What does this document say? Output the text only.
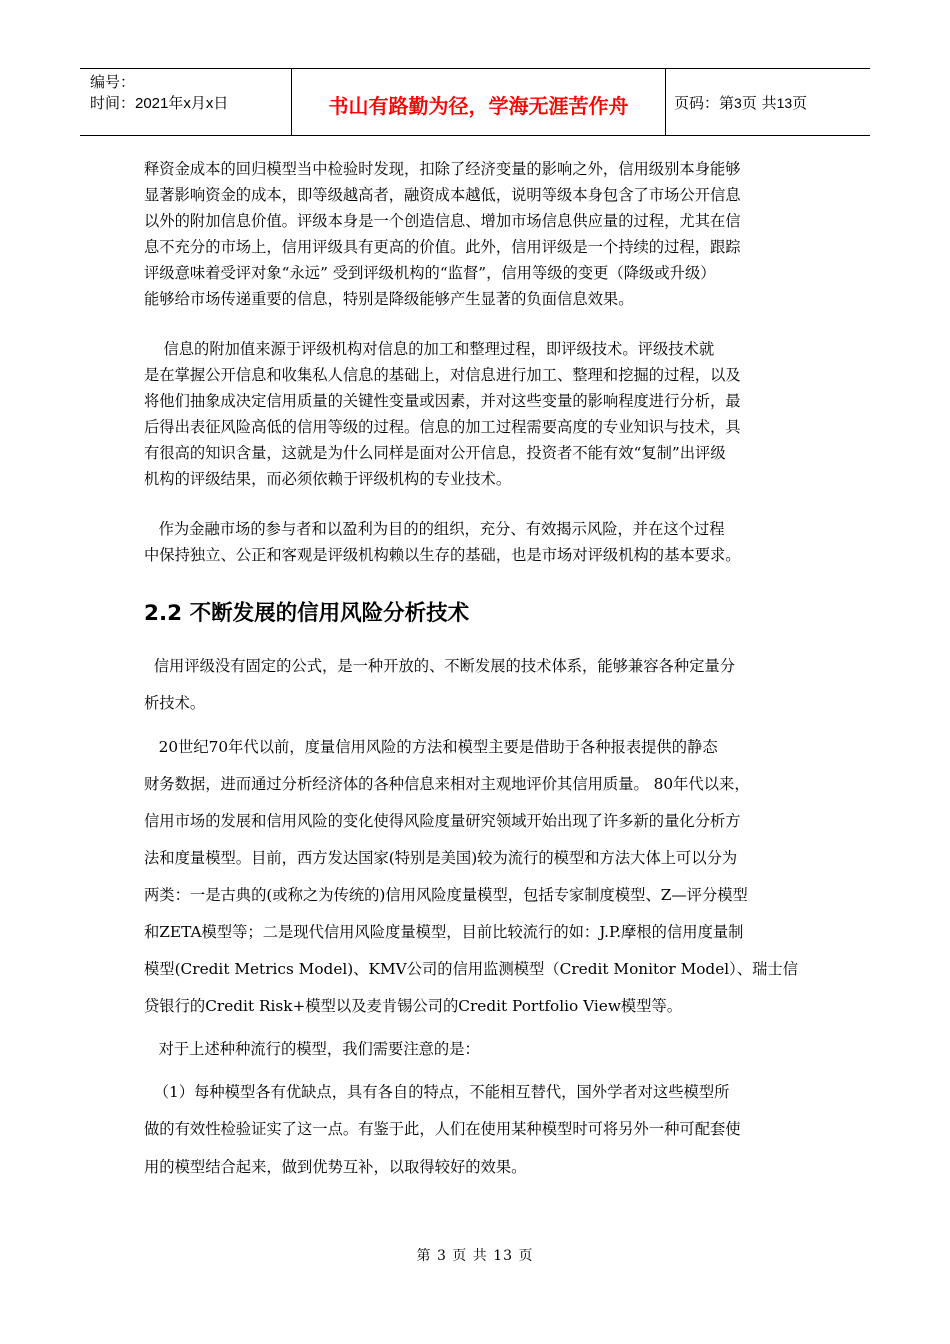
编号：
时间：2021年x月x日	书山有路勤为径，学海无涯苦作舟	页码：第3页 共13页
释资金成本的回归模型当中检验时发现，扣除了经济变量的影响之外，信用级别本身能够
显著影响资金的成本，即等级越高者，融资成本越低，说明等级本身包含了市场公开信息
以外的附加信息价值。评级本身是一个创造信息、增加市场信息供应量的过程，尤其在信
息不充分的市场上，信用评级具有更高的价值。此外，信用评级是一个持续的过程，跟踪
评级意味着受评对象“永远” 受到评级机构的“监督”，信用等级的变更（降级或升级）
能够给市场传递重要的信息，特别是降级能够产生显著的负面信息效果。
信息的附加值来源于评级机构对信息的加工和整理过程，即评级技术。评级技术就
是在掌握公开信息和收集私人信息的基础上，对信息进行加工、整理和挖掘的过程，以及
将他们抽象成决定信用质量的关键性变量或因素，并对这些变量的影响程度进行分析，最
后得出表征风险高低的信用等级的过程。信息的加工过程需要高度的专业知识与技术，具
有很高的知识含量，这就是为什么同样是面对公开信息，投资者不能有效“复制”出评级
机构的评级结果，而必须依赖于评级机构的专业技术。
作为金融市场的参与者和以盈利为目的的组织，充分、有效揭示风险，并在这个过程
中保持独立、公正和客观是评级机构赖以生存的基础，也是市场对评级机构的基本要求。
2.2 不断发展的信用风险分析技术
信用评级没有固定的公式，是一种开放的、不断发展的技术体系，能够兼容各种定量分
析技术。
20世纪70年代以前，度量信用风险的方法和模型主要是借助于各种报表提供的静态
财务数据，进而通过分析经济体的各种信息来相对主观地评价其信用质量。 80年代以来，
信用市场的发展和信用风险的变化使得风险度量研究领域开始出现了许多新的量化分析方
法和度量模型。目前，西方发达国家(特别是美国)较为流行的模型和方法大体上可以分为
两类：一是古典的(或称之为传统的)信用风险度量模型，包括专家制度模型、Z—评分模型
和ZETA模型等；二是现代信用风险度量模型，目前比较流行的如：J.P.摩根的信用度量制
模型(Credit Metrics Model)、KMV公司的信用监测模型（Credit Monitor Model）、瑞士信
贷银行的Credit Risk+模型以及麦肯锡公司的Credit Portfolio View模型等。
对于上述种种流行的模型，我们需要注意的是：
（1）每种模型各有优缺点，具有各自的特点，不能相互替代，国外学者对这些模型所
做的有效性检验证实了这一点。有鉴于此，人们在使用某种模型时可将另外一种可配套使
用的模型结合起来，做到优势互补，以取得较好的效果。
第 3 页 共 13 页
